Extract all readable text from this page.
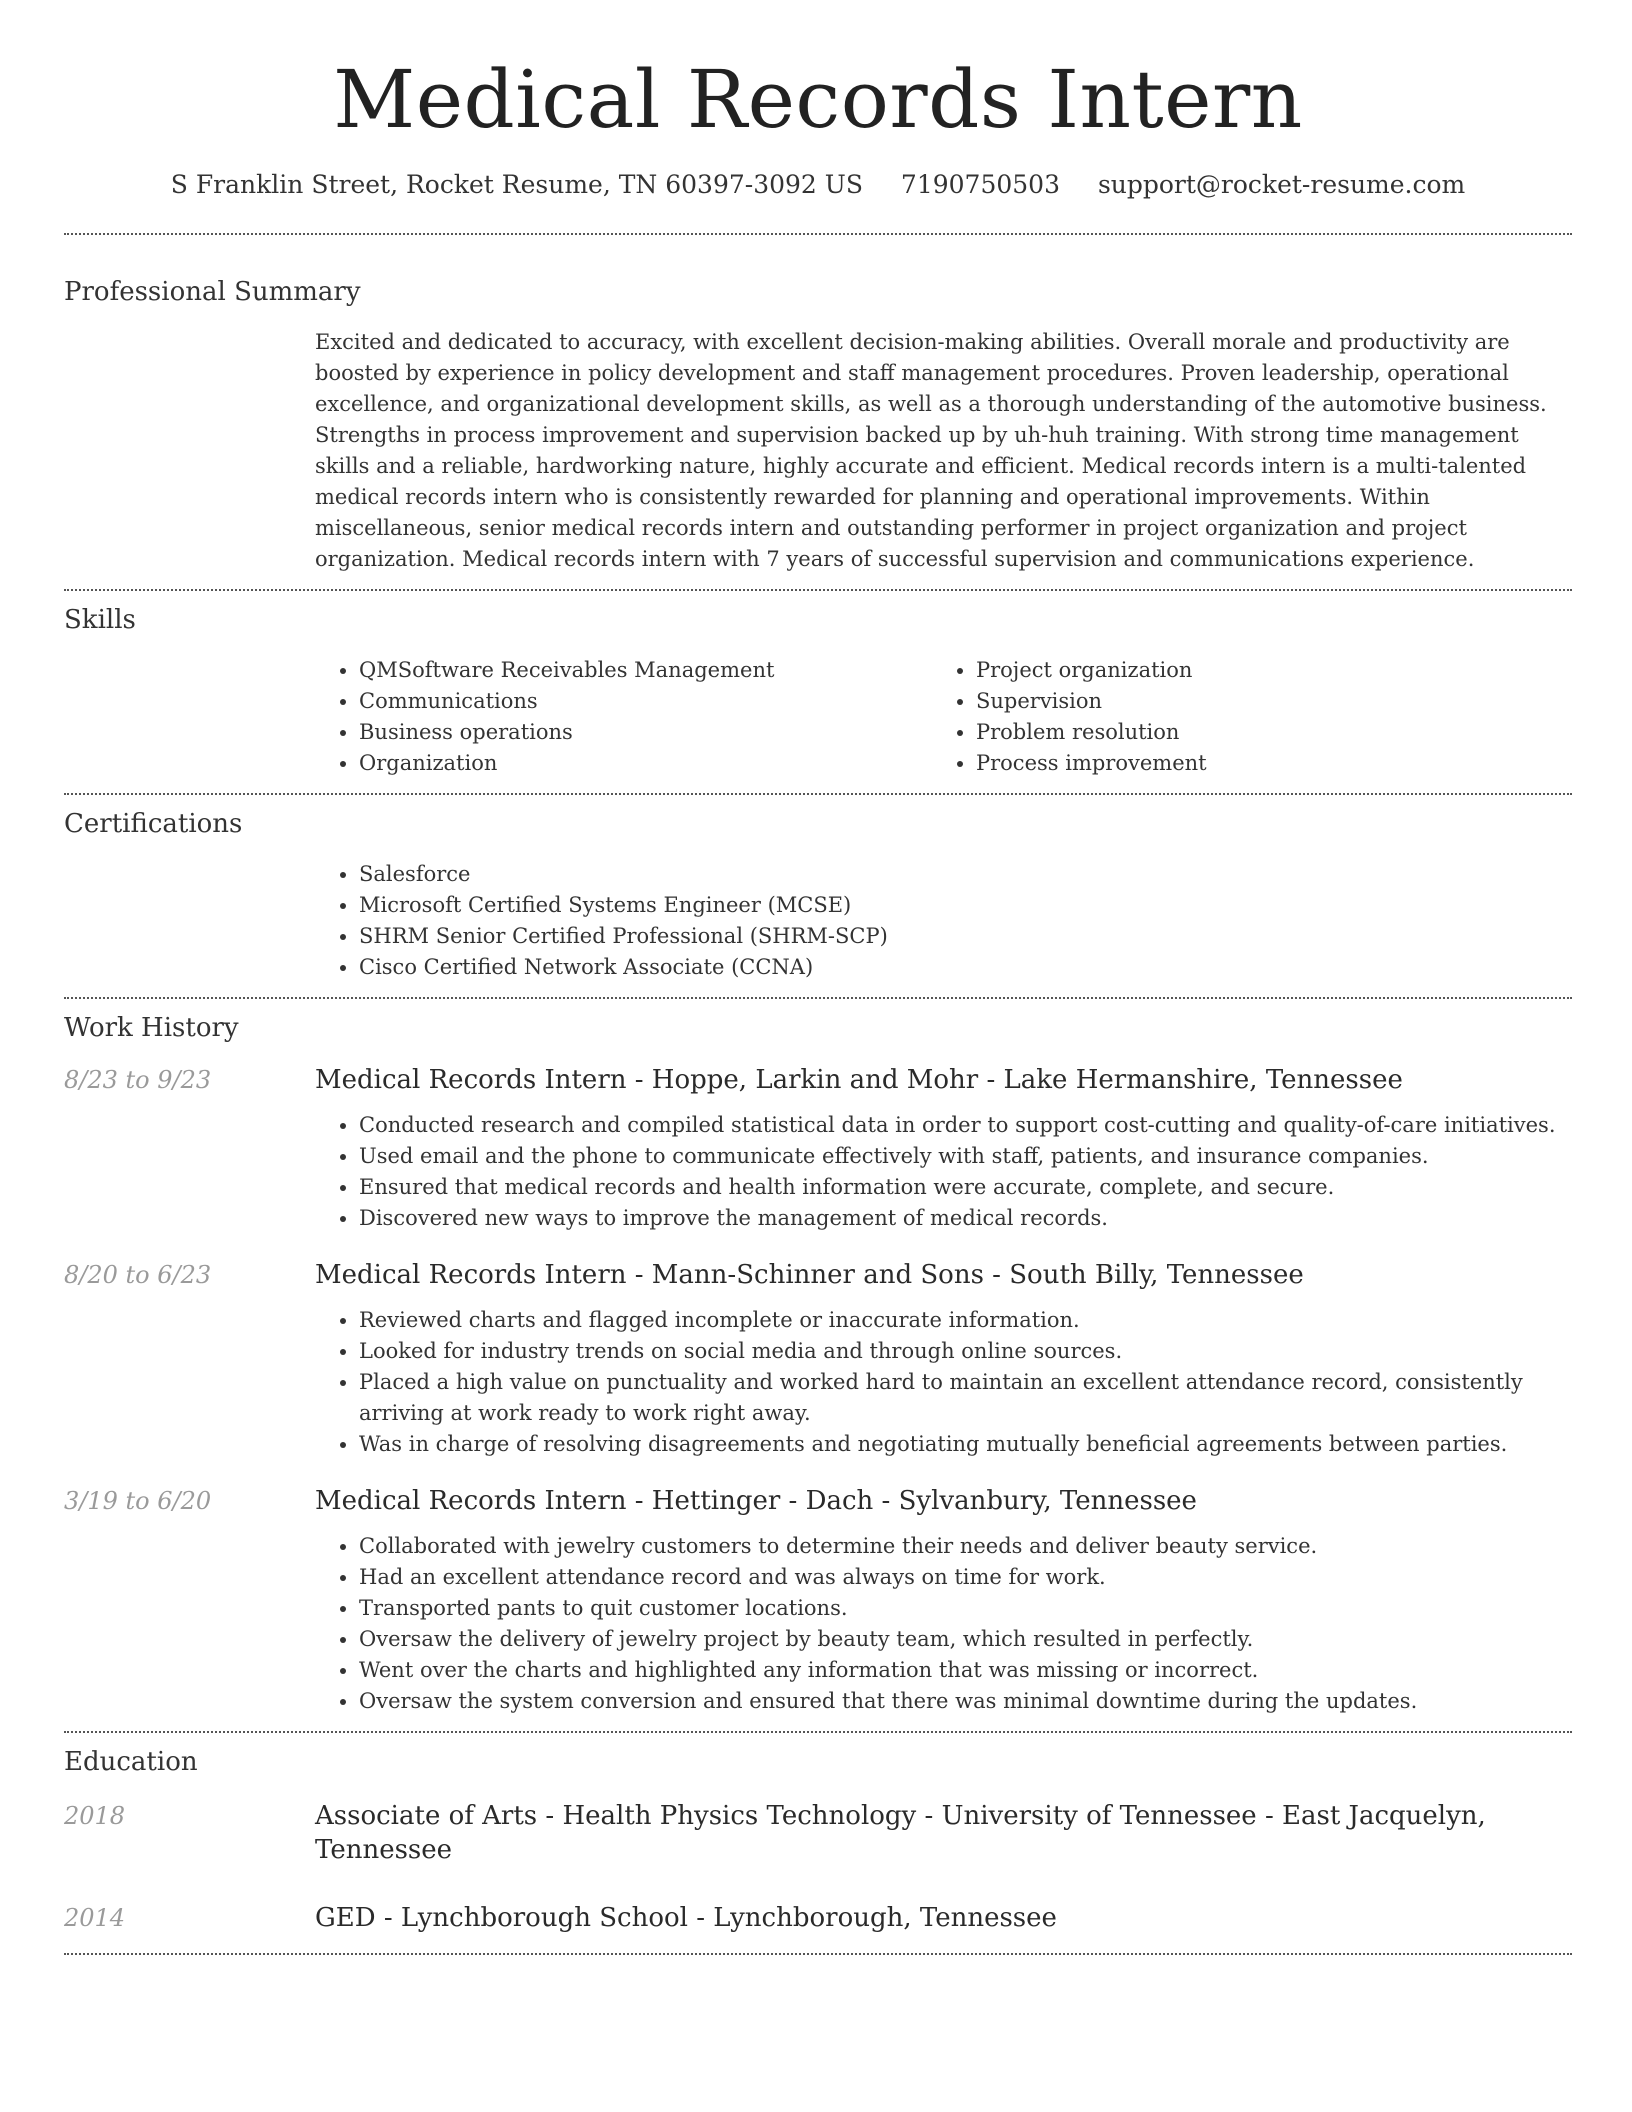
Medical Records Intern
S Franklin Street, Rocket Resume, TN 60397-3092 US 7190750503 support@rocket-resume.com
Professional Summary

Excited and dedicated to accuracy, with excellent decision-making abilities. Overall morale and productivity are boosted by experience in policy development and staff management procedures. Proven leadership, operational excellence, and organizational development skills, as well as a thorough understanding of the automotive business. Strengths in process improvement and supervision backed up by uh-huh training. With strong time management skills and a reliable, hardworking nature, highly accurate and efficient. Medical records intern is a multi-talented medical records intern who is consistently rewarded for planning and operational improvements. Within miscellaneous, senior medical records intern and outstanding performer in project organization and project organization. Medical records intern with 7 years of successful supervision and communications experience.

Skills
• QMSoftware Receivables Management
• Communications
• Business operations
• Organization
• Project organization
• Supervision
• Problem resolution
• Process improvement
Certifications
• Salesforce
• Microsoft Certified Systems Engineer (MCSE)
• SHRM Senior Certified Professional (SHRM-SCP)
• Cisco Certified Network Associate (CCNA)
Work History
8/23 to 9/23	Medical Records Intern - Hoppe, Larkin and Mohr - Lake Hermanshire, Tennessee
• Conducted research and compiled statistical data in order to support cost-cutting and quality-of-care initiatives.
• Used email and the phone to communicate effectively with staff, patients, and insurance companies.
• Ensured that medical records and health information were accurate, complete, and secure.
• Discovered new ways to improve the management of medical records.
8/20 to 6/23	Medical Records Intern - Mann-Schinner and Sons - South Billy, Tennessee
• Reviewed charts and flagged incomplete or inaccurate information.
• Looked for industry trends on social media and through online sources.
• Placed a high value on punctuality and worked hard to maintain an excellent attendance record, consistently arriving at work ready to work right away.
• Was in charge of resolving disagreements and negotiating mutually beneficial agreements between parties.
3/19 to 6/20	Medical Records Intern - Hettinger - Dach - Sylvanbury, Tennessee
• Collaborated with jewelry customers to determine their needs and deliver beauty service.
• Had an excellent attendance record and was always on time for work.
• Transported pants to quit customer locations.
• Oversaw the delivery of jewelry project by beauty team, which resulted in perfectly.
• Went over the charts and highlighted any information that was missing or incorrect.
• Oversaw the system conversion and ensured that there was minimal downtime during the updates.
Education
2018	Associate of Arts - Health Physics Technology - University of Tennessee - East Jacquelyn, Tennessee
2014	GED - Lynchborough School - Lynchborough, Tennessee
